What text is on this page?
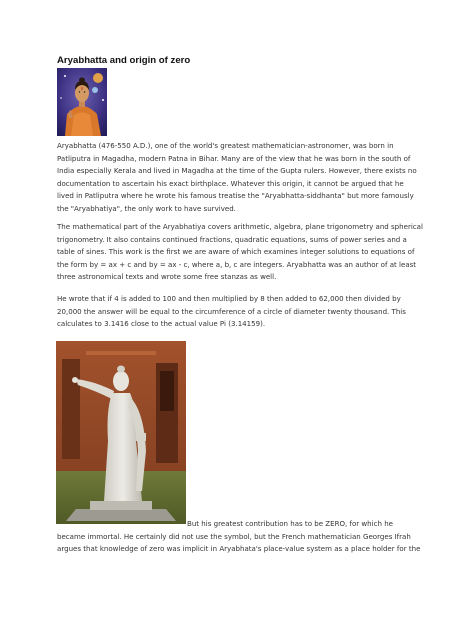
Aryabhatta and origin of zero
Aryabhatta (476-550 A.D.), one of the world's greatest mathematician-astronomer, was born in
Patliputra in Magadha, modern Patna in Bihar. Many are of the view that he was born in the south of
India especially Kerala and lived in Magadha at the time of the Gupta rulers. However, there exists no
documentation to ascertain his exact birthplace. Whatever this origin, it cannot be argued that he
lived in Patliputra where he wrote his famous treatise the "Aryabhatta-siddhanta" but more famously
the "Aryabhatiya", the only work to have survived.
The mathematical part of the Aryabhatiya covers arithmetic, algebra, plane trigonometry and spherical
trigonometry. It also contains continued fractions, quadratic equations, sums of power series and a
table of sines. This work is the first we are aware of which examines integer solutions to equations of
the form by = ax + c and by = ax - c, where a, b, c are integers. Aryabhatta was an author of at least
three astronomical texts and wrote some free stanzas as well.
He wrote that if 4 is added to 100 and then multiplied by 8 then added to 62,000 then divided by
20,000 the answer will be equal to the circumference of a circle of diameter twenty thousand. This
calculates to 3.1416 close to the actual value Pi (3.14159).
But his greatest contribution has to be ZERO, for which he
became immortal. He certainly did not use the symbol, but the French mathematician Georges Ifrah
argues that knowledge of zero was implicit in Aryabhata's place-value system as a place holder for the
